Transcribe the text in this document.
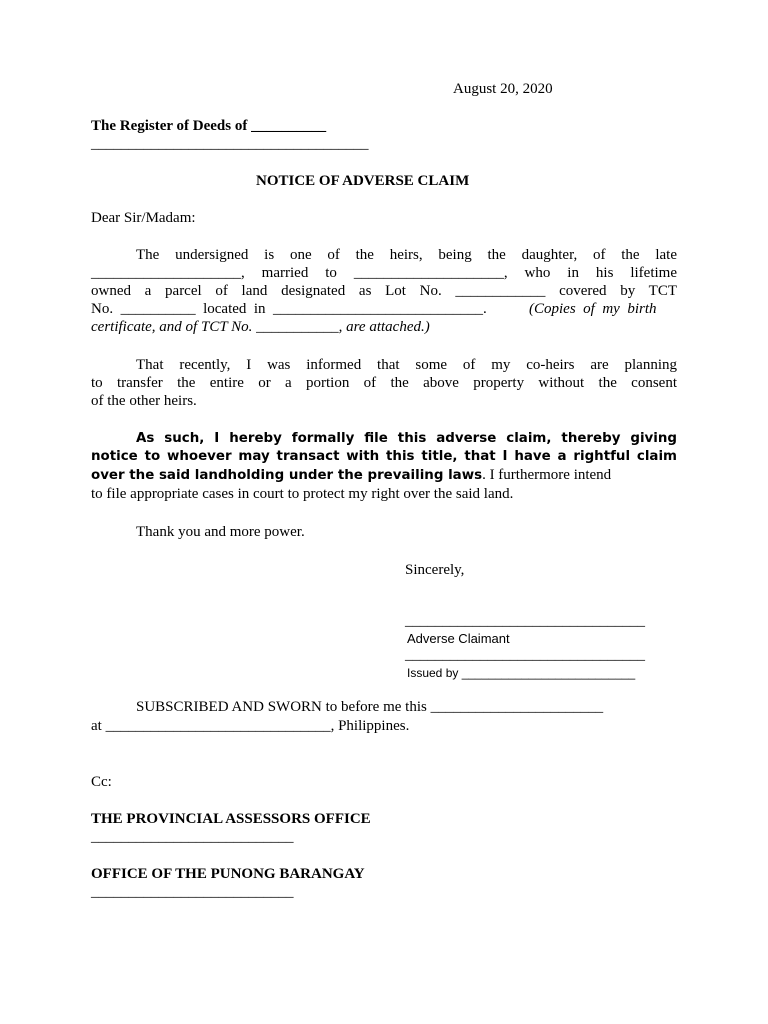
August 20, 2020
The Register of Deeds of __________
_____________________________________
NOTICE OF ADVERSE CLAIM
Dear Sir/Madam:
The undersigned is one of the heirs, being the daughter, of the late
____________________, married to ____________________, who in his lifetime
owned a parcel of land designated as Lot No. ____________ covered by TCT
No.  __________  located  in  ____________________________.	(Copies  of  my  birth
certificate, and of TCT No. ___________, are attached.)
That recently, I was informed that some of my co-heirs are planning
to transfer the entire or a portion of the above property without the consent
of the other heirs.
As such, I hereby formally file this adverse claim, thereby giving
notice to whoever may transact with this title, that I have a rightful claim
over the said landholding under the prevailing laws. I furthermore intend
to file appropriate cases in court to protect my right over the said land.
Thank you and more power.
Sincerely,
________________________________
Adverse Claimant
________________________________
Issued by __________________________
SUBSCRIBED AND SWORN to before me this _______________________
at ______________________________, Philippines.
Cc:
THE PROVINCIAL ASSESSORS OFFICE
___________________________
OFFICE OF THE PUNONG BARANGAY
___________________________
